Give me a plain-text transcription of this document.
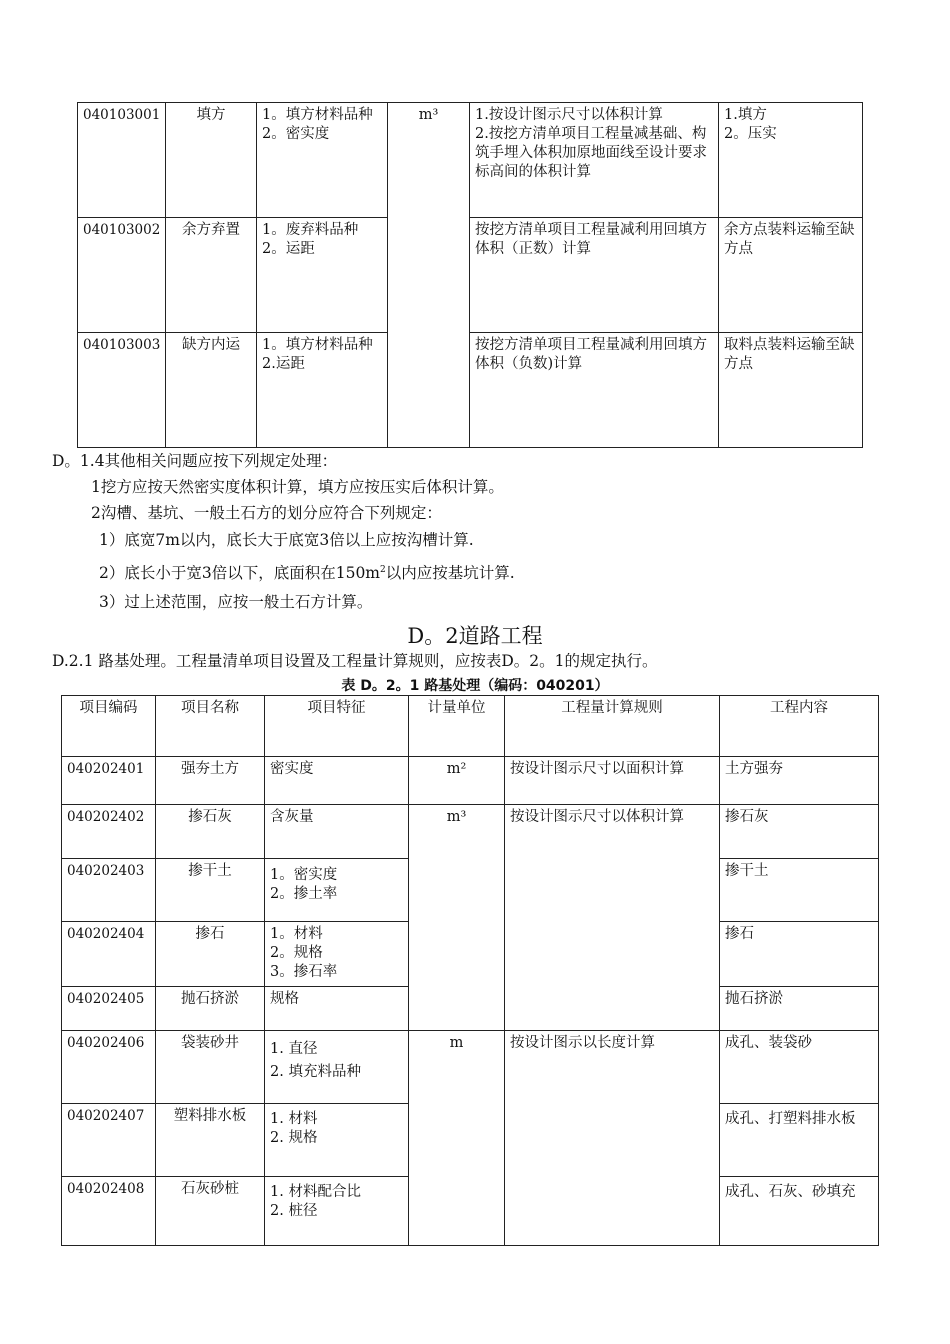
040103001	填方	1。填方材料品种
2。密实度	m³	1.按设计图示尺寸以体积计算
2.按挖方清单项目工程量减基础、构筑手埋入体积加原地面线至设计要求标高间的体积计算	1.填方
2。压实
040103002	余方弃置	1。废弃料品种
2。运距		按挖方清单项目工程量减利用回填方体积（正数）计算	余方点装料运输至缺方点
040103003	缺方内运	1。填方材料品种
2.运距		按挖方清单项目工程量减利用回填方体积（负数)计算	取料点装料运输至缺方点
D。1.4其他相关问题应按下列规定处理：
1挖方应按天然密实度体积计算，填方应按压实后体积计算。
2沟槽、基坑、一般土石方的划分应符合下列规定：
1）底宽7m以内，底长大于底宽3倍以上应按沟槽计算.
2）底长小于宽3倍以下，底面积在$150m^2$以内应按基坑计算.
3）过上述范围，应按一般土石方计算。
D。2道路工程
D.2.1 路基处理。工程量清单项目设置及工程量计算规则，应按表D。2。1的规定执行。
表 D。2。1 路基处理（编码：040201）
项目编码	项目名称	项目特征	计量单位	工程量计算规则	工程内容
040202401	强夯土方	密实度	m²	按设计图示尺寸以面积计算	土方强夯
040202402	掺石灰	含灰量	m³	按设计图示尺寸以体积计算	掺石灰
040202403	掺干土	1。密实度
2。掺土率			掺干土
040202404	掺石	1。材料
2。规格
3。掺石率			掺石
040202405	抛石挤淤	规格			抛石挤淤
040202406	袋装砂井	1. 直径
2. 填充料品种	m	按设计图示以长度计算	成孔、装袋砂
040202407	塑料排水板	1. 材料
2. 规格			成孔、打塑料排水板
040202408	石灰砂桩	1. 材料配合比
2. 桩径			成孔、石灰、砂填充
